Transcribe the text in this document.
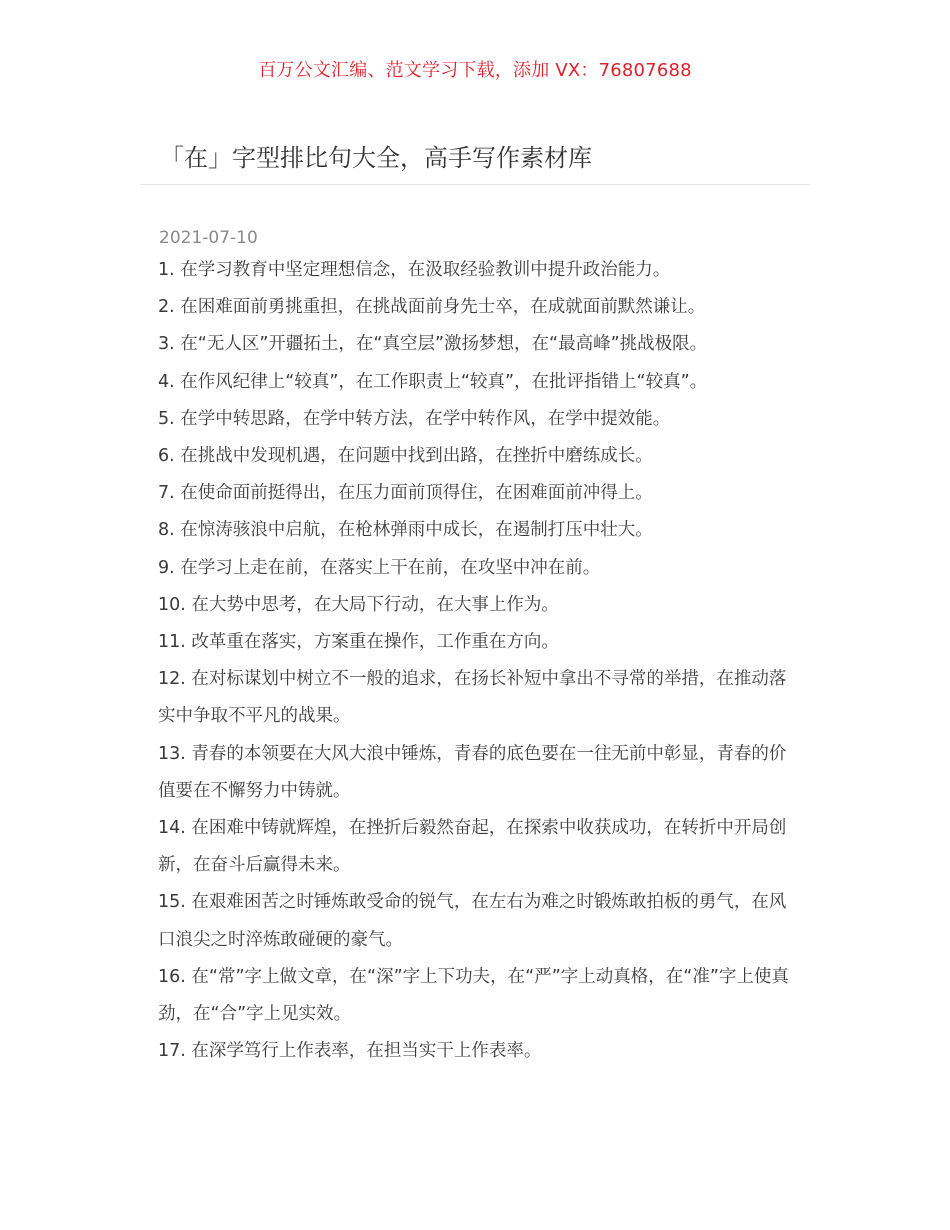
百万公文汇编、范文学习下载，添加 VX：76807688
「在」字型排比句大全，高手写作素材库
2021-07-10
1. 在学习教育中坚定理想信念，在汲取经验教训中提升政治能力。
2. 在困难面前勇挑重担，在挑战面前身先士卒，在成就面前默然谦让。
3. 在“无人区”开疆拓土，在“真空层”激扬梦想，在“最高峰”挑战极限。
4. 在作风纪律上“较真”，在工作职责上“较真”，在批评指错上“较真”。
5. 在学中转思路，在学中转方法，在学中转作风，在学中提效能。
6. 在挑战中发现机遇，在问题中找到出路，在挫折中磨练成长。
7. 在使命面前挺得出，在压力面前顶得住，在困难面前冲得上。
8. 在惊涛骇浪中启航，在枪林弹雨中成长，在遏制打压中壮大。
9. 在学习上走在前，在落实上干在前，在攻坚中冲在前。
10. 在大势中思考，在大局下行动，在大事上作为。
11. 改革重在落实，方案重在操作，工作重在方向。
12. 在对标谋划中树立不一般的追求，在扬长补短中拿出不寻常的举措，在推动落实中争取不平凡的战果。
13. 青春的本领要在大风大浪中锤炼，青春的底色要在一往无前中彰显，青春的价值要在不懈努力中铸就。
14. 在困难中铸就辉煌，在挫折后毅然奋起，在探索中收获成功，在转折中开局创新，在奋斗后赢得未来。
15. 在艰难困苦之时锤炼敢受命的锐气，在左右为难之时锻炼敢拍板的勇气，在风口浪尖之时淬炼敢碰硬的豪气。
16. 在“常”字上做文章，在“深”字上下功夫，在“严”字上动真格，在“准”字上使真劲，在“合”字上见实效。
17. 在深学笃行上作表率，在担当实干上作表率。
